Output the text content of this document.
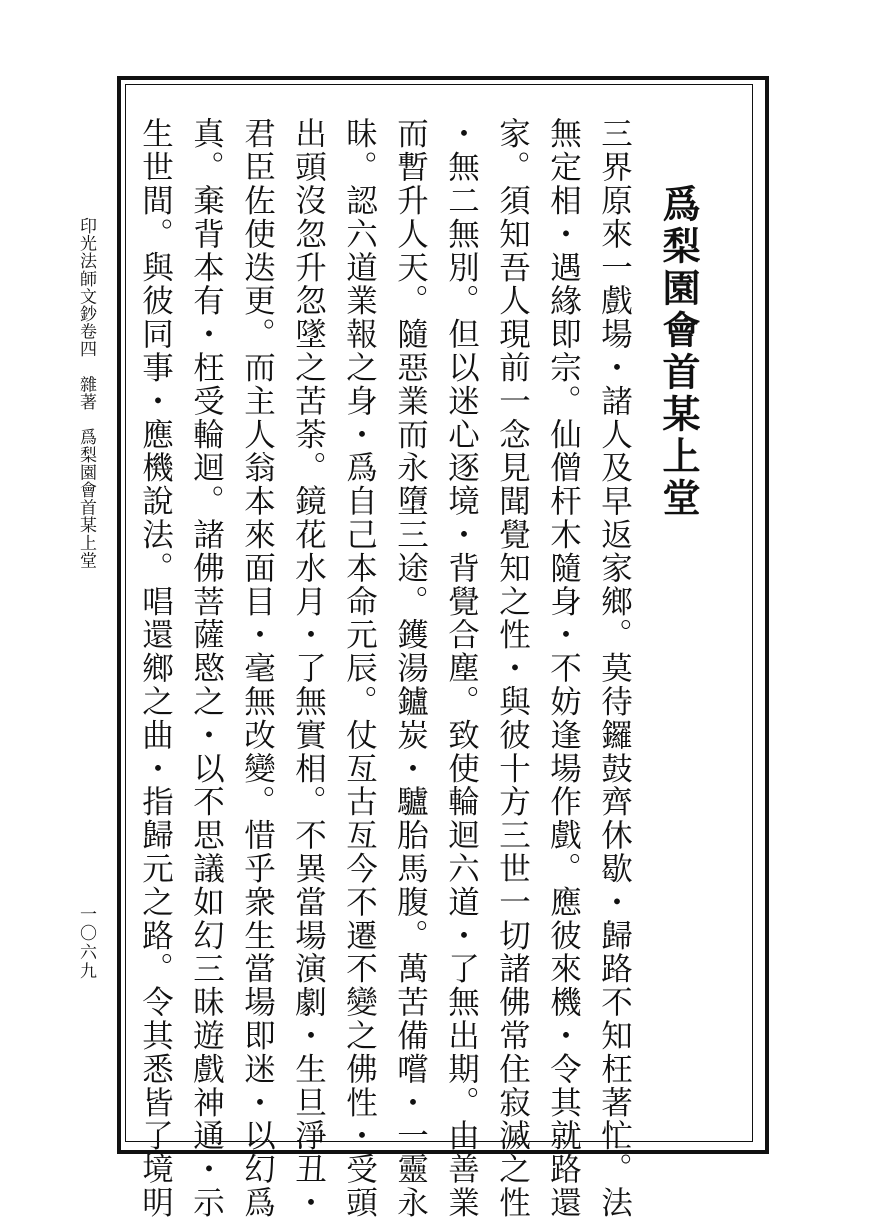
爲梨園會首某上堂

三界原來一戲場・諸人及早返家鄉。莫待鑼鼓齊休歇・歸路不知枉著忙。法

無定相・遇緣即宗。仙僧杆木隨身・不妨逢場作戲。應彼來機・令其就路還

家。須知吾人現前一念見聞覺知之性・與彼十方三世一切諸佛常住寂滅之性

・無二無別。但以迷心逐境・背覺合塵。致使輪迴六道・了無出期。由善業

而暫升人天。隨惡業而永墮三途。鑊湯鑪炭・驢胎馬腹。萬苦備嚐・一靈永

昧。認六道業報之身・爲自己本命元辰。仗亙古亙今不遷不變之佛性・受頭

出頭沒忽升忽墜之苦荼。鏡花水月・了無實相。不異當場演劇・生旦淨丑・

君臣佐使迭更。而主人翁本來面目・毫無改變。惜乎衆生當場即迷・以幻爲

真。棄背本有・枉受輪迴。諸佛菩薩愍之・以不思議如幻三昧遊戲神通・示

生世間。與彼同事・應機說法。唱還鄉之曲・指歸元之路。令其悉皆了境明

印光法師文鈔卷四　雜著　爲梨園會首某上堂
一〇六九
